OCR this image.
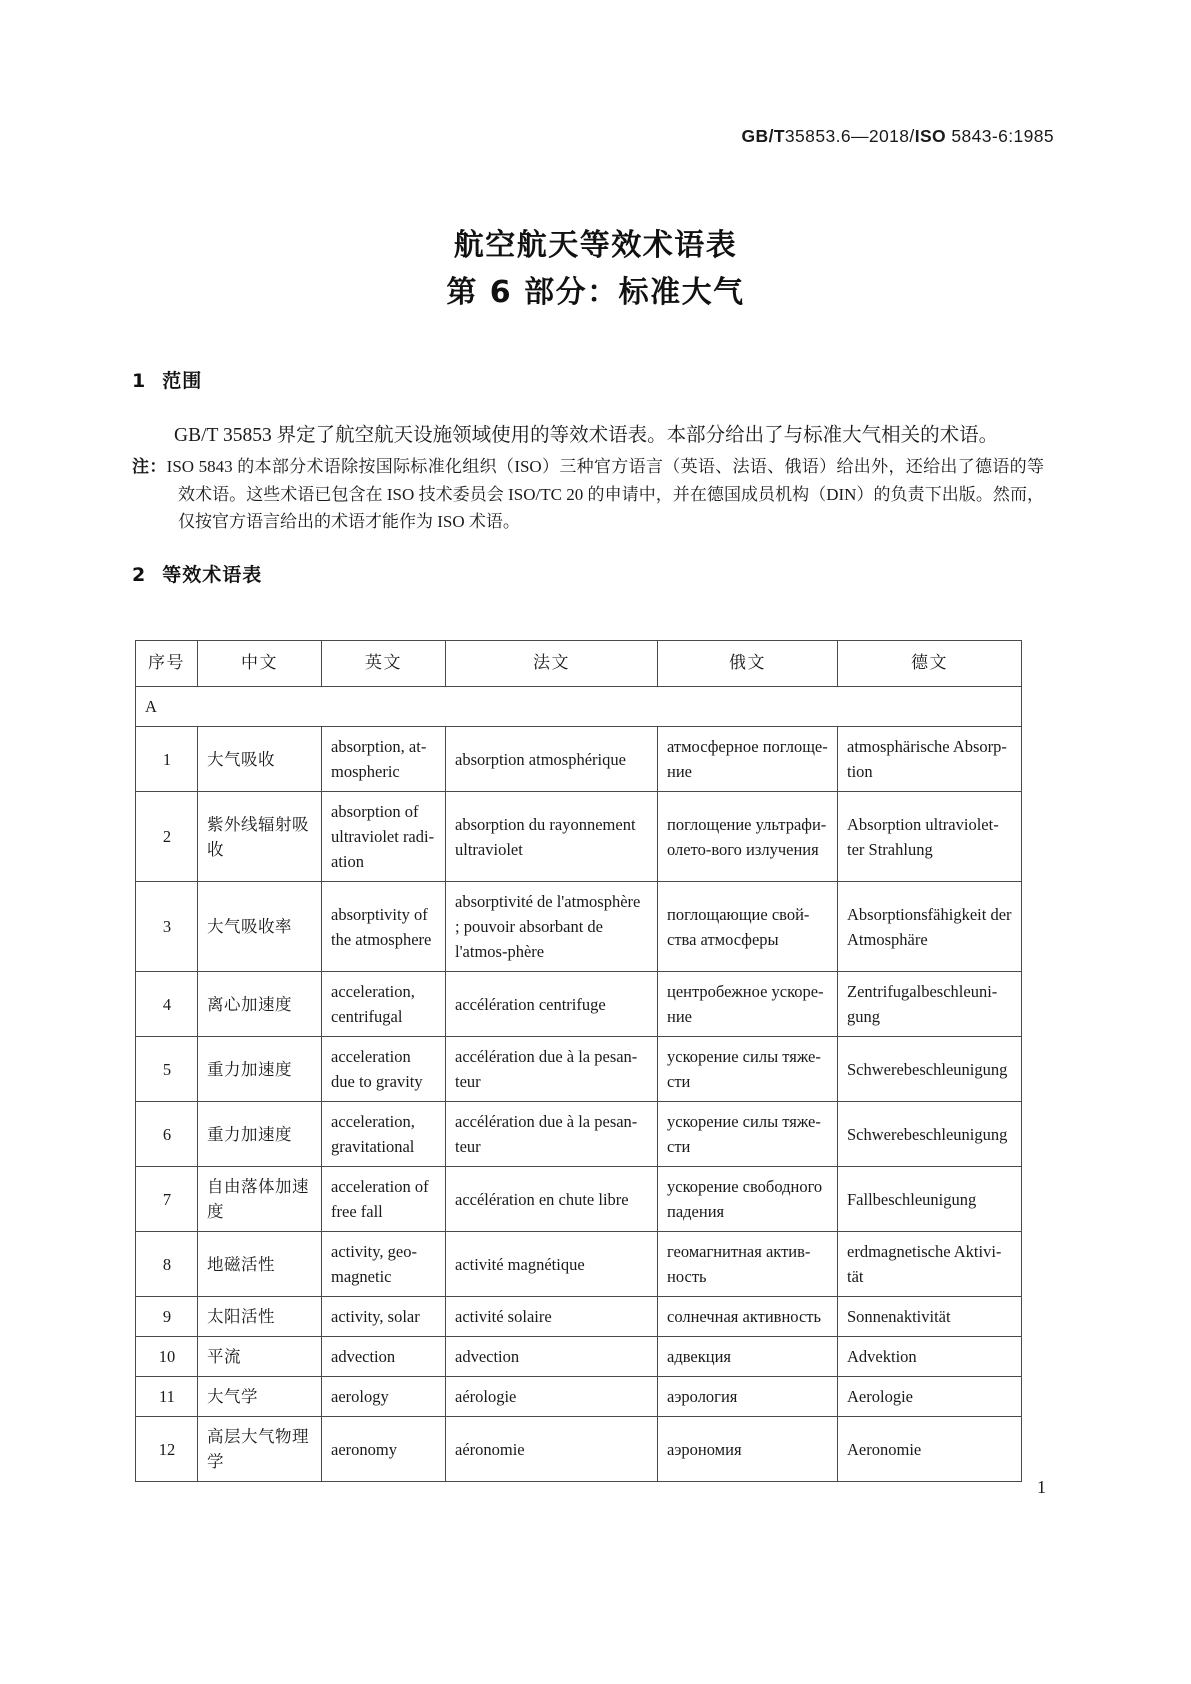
GB/T35853.6—2018/ISO 5843-6:1985
航空航天等效术语表
第 6 部分：标准大气
1 范围

GB/T 35853 界定了航空航天设施领域使用的等效术语表。本部分给出了与标准大气相关的术语。

注：ISO 5843 的本部分术语除按国际标准化组织（ISO）三种官方语言（英语、法语、俄语）给出外，还给出了德语的等效术语。这些术语已包含在 ISO 技术委员会 ISO/TC 20 的申请中，并在德国成员机构（DIN）的负责下出版。然而，仅按官方语言给出的术语才能作为 ISO 术语。

2 等效术语表
序号	中文	英文	法文	俄文	德文
A					
1	大气吸收	absorption, at-mospheric	absorption atmosphérique	атмосферное поглоще-ние	atmosphärische Absorp-tion
2	紫外线辐射吸收	absorption of ultraviolet radi-ation	absorption du rayonnement ultraviolet	поглощение ультрафи-олето-вого излучения	Absorption ultraviolet-ter Strahlung
3	大气吸收率	absorptivity of the atmosphere	absorptivité de l'atmosphère ; pouvoir absorbant de l'atmos-phère	поглощающие свой-ства атмосферы	Absorptionsfähigkeit der Atmosphäre
4	离心加速度	acceleration, centrifugal	accélération centrifuge	центробежное ускоре-ние	Zentrifugalbeschleuni-gung
5	重力加速度	acceleration due to gravity	accélération due à la pesan-teur	ускорение силы тяже-сти	Schwerebeschleunigung
6	重力加速度	acceleration, gravitational	accélération due à la pesan-teur	ускорение силы тяже-сти	Schwerebeschleunigung
7	自由落体加速度	acceleration of free fall	accélération en chute libre	ускорение свободного падения	Fallbeschleunigung
8	地磁活性	activity, geo-magnetic	activité magnétique	геомагнитная актив-ность	erdmagnetische Aktivi-tät
9	太阳活性	activity, solar	activité solaire	солнечная активность	Sonnenaktivität
10	平流	advection	advection	адвекция	Advektion
11	大气学	aerology	aérologie	аэрология	Aerologie
12	高层大气物理学	aeronomy	aéronomie	аэрономия	Aeronomie
1
